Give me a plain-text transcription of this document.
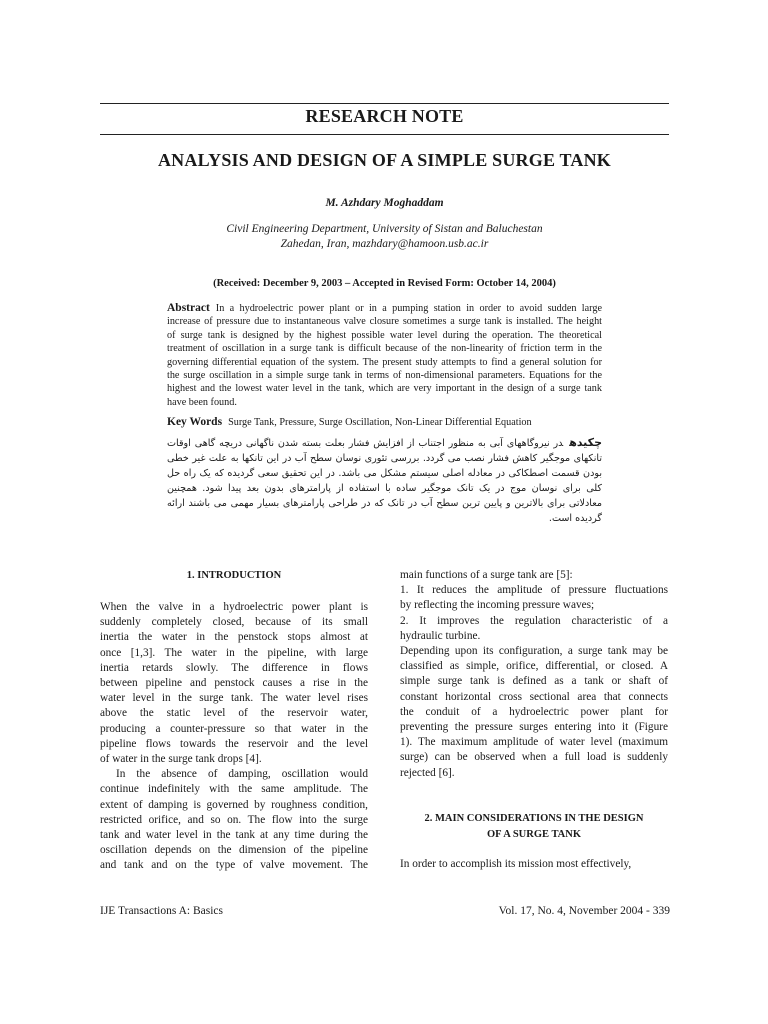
RESEARCH NOTE
ANALYSIS AND DESIGN OF A SIMPLE SURGE TANK
M. Azhdary Moghaddam
Civil Engineering Department, University of Sistan and Baluchestan
Zahedan, Iran, mazhdary@hamoon.usb.ac.ir
(Received: December 9, 2003 – Accepted in Revised Form: October 14, 2004)
Abstract In a hydroelectric power plant or in a pumping station in order to avoid sudden large
increase of pressure due to instantaneous valve closure sometimes a surge tank is installed. The height
of surge tank is designed by the highest possible water level during the operation. The theoretical
treatment of oscillation in a surge tank is difficult because of the non-linearity of friction term in the
governing differential equation of the system. The present study attempts to find a general solution for
the surge oscillation in a simple surge tank in terms of non-dimensional parameters. Equations for the
highest and the lowest water level in the tank, which are very important in the design of a surge tank
have been found.
Key Words Surge Tank, Pressure, Surge Oscillation, Non-Linear Differential Equation
چکیدهدر نیروگاههای آبی به منظور اجتناب از افزایش فشار بعلت بسته شدن ناگهانی دریچه گاهی اوقات
تانکهای موجگیر کاهش فشار نصب می گردد. بررسی تئوری نوسان سطح آب در این تانکها به علت غیر خطی
بودن قسمت اصطکاکی در معادله اصلی سیستم مشکل می باشد. در این تحقیق سعی گردیده که یک راه حل
کلی برای نوسان موج در یک تانک موجگیر ساده با استفاده از پارامترهای بدون بعد پیدا شود. همچنین
معادلاتی برای بالاترین و پایین ترین سطح آب در تانک که در طراحی پارامترهای بسیار مهمی می باشند ارائه
گردیده است.
1. INTRODUCTION
When the valve in a hydroelectric power plant is
suddenly completely closed, because of its small
inertia the water in the penstock stops almost at
once [1,3]. The water in the pipeline, with large
inertia retards slowly. The difference in flows
between pipeline and penstock causes a rise in the
water level in the surge tank. The water level rises
above the static level of the reservoir water,
producing a counter-pressure so that water in the
pipeline flows towards the reservoir and the level
of water in the surge tank drops [4].
In the absence of damping, oscillation would
continue indefinitely with the same amplitude. The
extent of damping is governed by roughness condition,
restricted orifice, and so on. The flow into the surge
tank and water level in the tank at any time during the
oscillation depends on the dimension of the pipeline
and tank and on the type of valve movement. The
main functions of a surge tank are [5]:
1. It reduces the amplitude of pressure fluctuations
by reflecting the incoming pressure waves;
2. It improves the regulation characteristic of a
hydraulic turbine.
Depending upon its configuration, a surge tank may be
classified as simple, orifice, differential, or closed. A
simple surge tank is defined as a tank or shaft of
constant horizontal cross sectional area that connects
the conduit of a hydroelectric power plant for
preventing the pressure surges entering into it (Figure
1). The maximum amplitude of water level (maximum
surge) can be observed when a full load is suddenly
rejected [6].
2. MAIN CONSIDERATIONS IN THE DESIGN
OF A SURGE TANK
In order to accomplish its mission most effectively,
IJE Transactions A: Basics	Vol. 17, No. 4, November 2004 - 339
